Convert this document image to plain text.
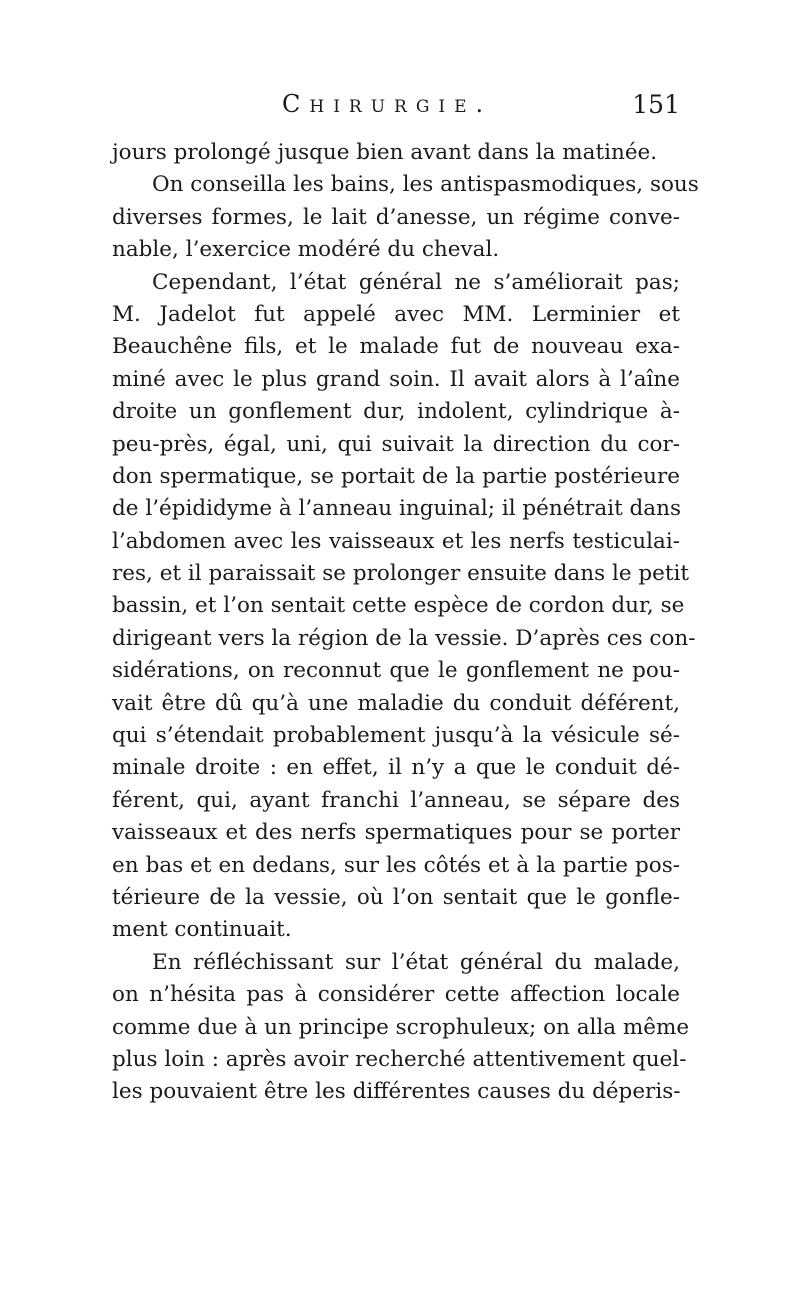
Chirurgie.	151
jours prolongé jusque bien avant dans la matinée.
On conseilla les bains, les antispasmodiques, sous
diverses formes, le lait d’anesse, un régime conve-
nable, l’exercice modéré du cheval.
Cependant, l’état général ne s’améliorait pas;
M. Jadelot fut appelé avec MM. Lerminier et
Beauchêne fils, et le malade fut de nouveau exa-
miné avec le plus grand soin. Il avait alors à l’aîne
droite un gonflement dur, indolent, cylindrique à-
peu-près, égal, uni, qui suivait la direction du cor-
don spermatique, se portait de la partie postérieure
de l’épididyme à l’anneau inguinal; il pénétrait dans
l’abdomen avec les vaisseaux et les nerfs testiculai-
res, et il paraissait se prolonger ensuite dans le petit
bassin, et l’on sentait cette espèce de cordon dur, se
dirigeant vers la région de la vessie. D’après ces con-
sidérations, on reconnut que le gonflement ne pou-
vait être dû qu’à une maladie du conduit déférent,
qui s’étendait probablement jusqu’à la vésicule sé-
minale droite : en effet, il n’y a que le conduit dé-
férent, qui, ayant franchi l’anneau, se sépare des
vaisseaux et des nerfs spermatiques pour se porter
en bas et en dedans, sur les côtés et à la partie pos-
térieure de la vessie, où l’on sentait que le gonfle-
ment continuait.
En réfléchissant sur l’état général du malade,
on n’hésita pas à considérer cette affection locale
comme due à un principe scrophuleux; on alla même
plus loin : après avoir recherché attentivement quel-
les pouvaient être les différentes causes du déperis-
